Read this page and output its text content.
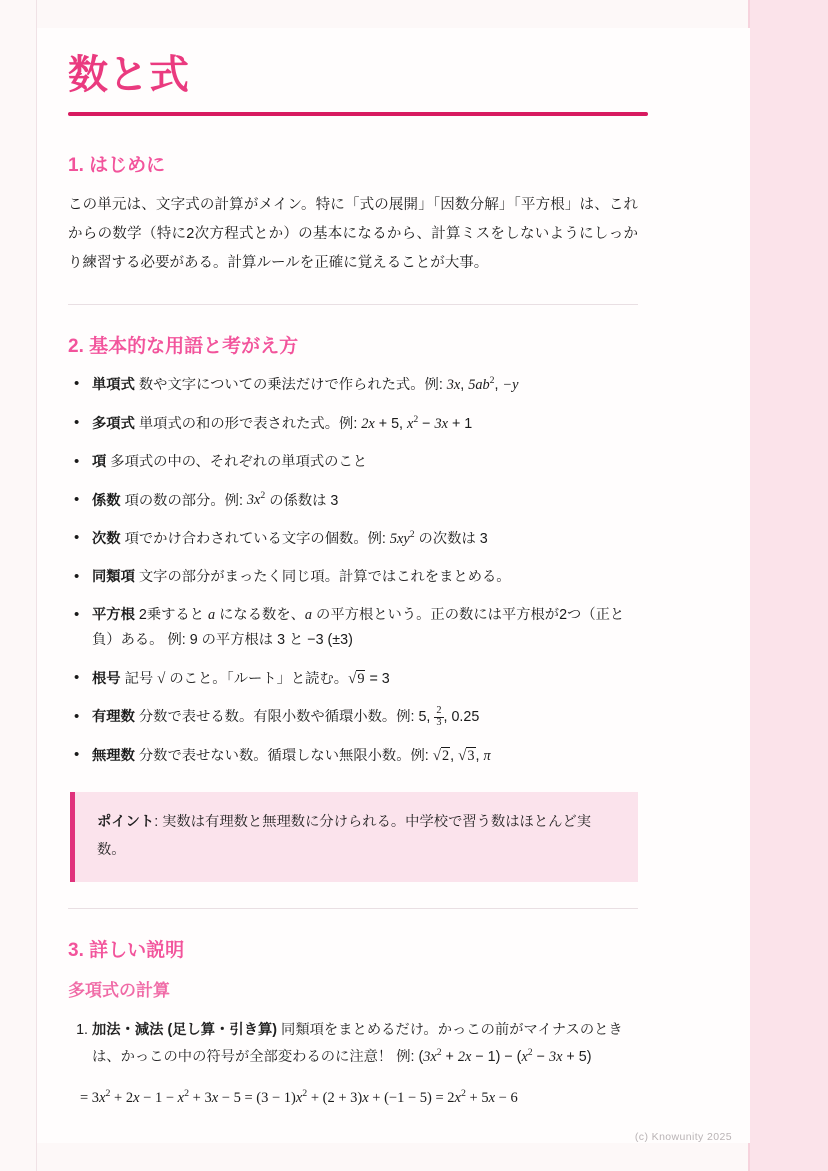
数と式
1. はじめに

この単元は、文字式の計算がメイン。特に「式の展開」「因数分解」「平方根」は、これからの数学（特に2次方程式とか）の基本になるから、計算ミスをしないようにしっかり練習する必要がある。計算ルールを正確に覚えることが大事。

2. 基本的な用語と考がえ方
• 単項式 数や文字についての乗法だけで作られた式。例: 3x, $5ab^2$, −y
• 多項式 単項式の和の形で表された式。例: 2x + 5, $x^2 - 3x + 1$
• 項 多項式の中の、それぞれの単項式のこと
• 係数 項の数の部分。例: $3x^2$ の係数は 3
• 次数 項でかけ合わされている文字の個数。例: $5xy^2$ の次数は 3
• 同類項 文字の部分がまったく同じ項。計算ではこれをまとめる。
• 平方根 2乗すると a になる数を、a の平方根という。正の数には平方根が2つ（正と負）ある。 例: 9 の平方根は 3 と −3 (±3)
• 根号 記号 √ のこと。「ルート」と読む。√9 = 3
• 有理数 分数で表せる数。有限小数や循環小数。例: 5, $\frac{2}{3}$ , 0.25
• 無理数 分数で表せない数。循環しない無限小数。例: √2, √3, π
ポイント: 実数は有理数と無理数に分けられる。中学校で習う数はほとんど実数。
3. 詳しい説明
多項式の計算
1. 加法・減法 (足し算・引き算) 同類項をまとめるだけ。かっこの前がマイナスのときは、かっこの中の符号が全部変わるのに注意！ 例: $(3x^2 + 2x - 1) - (x^2 - 3x + 5)$
= $3x^2 + 2x - 1 - x^2 + 3x - 5 = (3 - 1)x^2 + (2 + 3)x + (-1 - 5) = 2x^2 + 5x - 6$
(c) Knowunity 2025
